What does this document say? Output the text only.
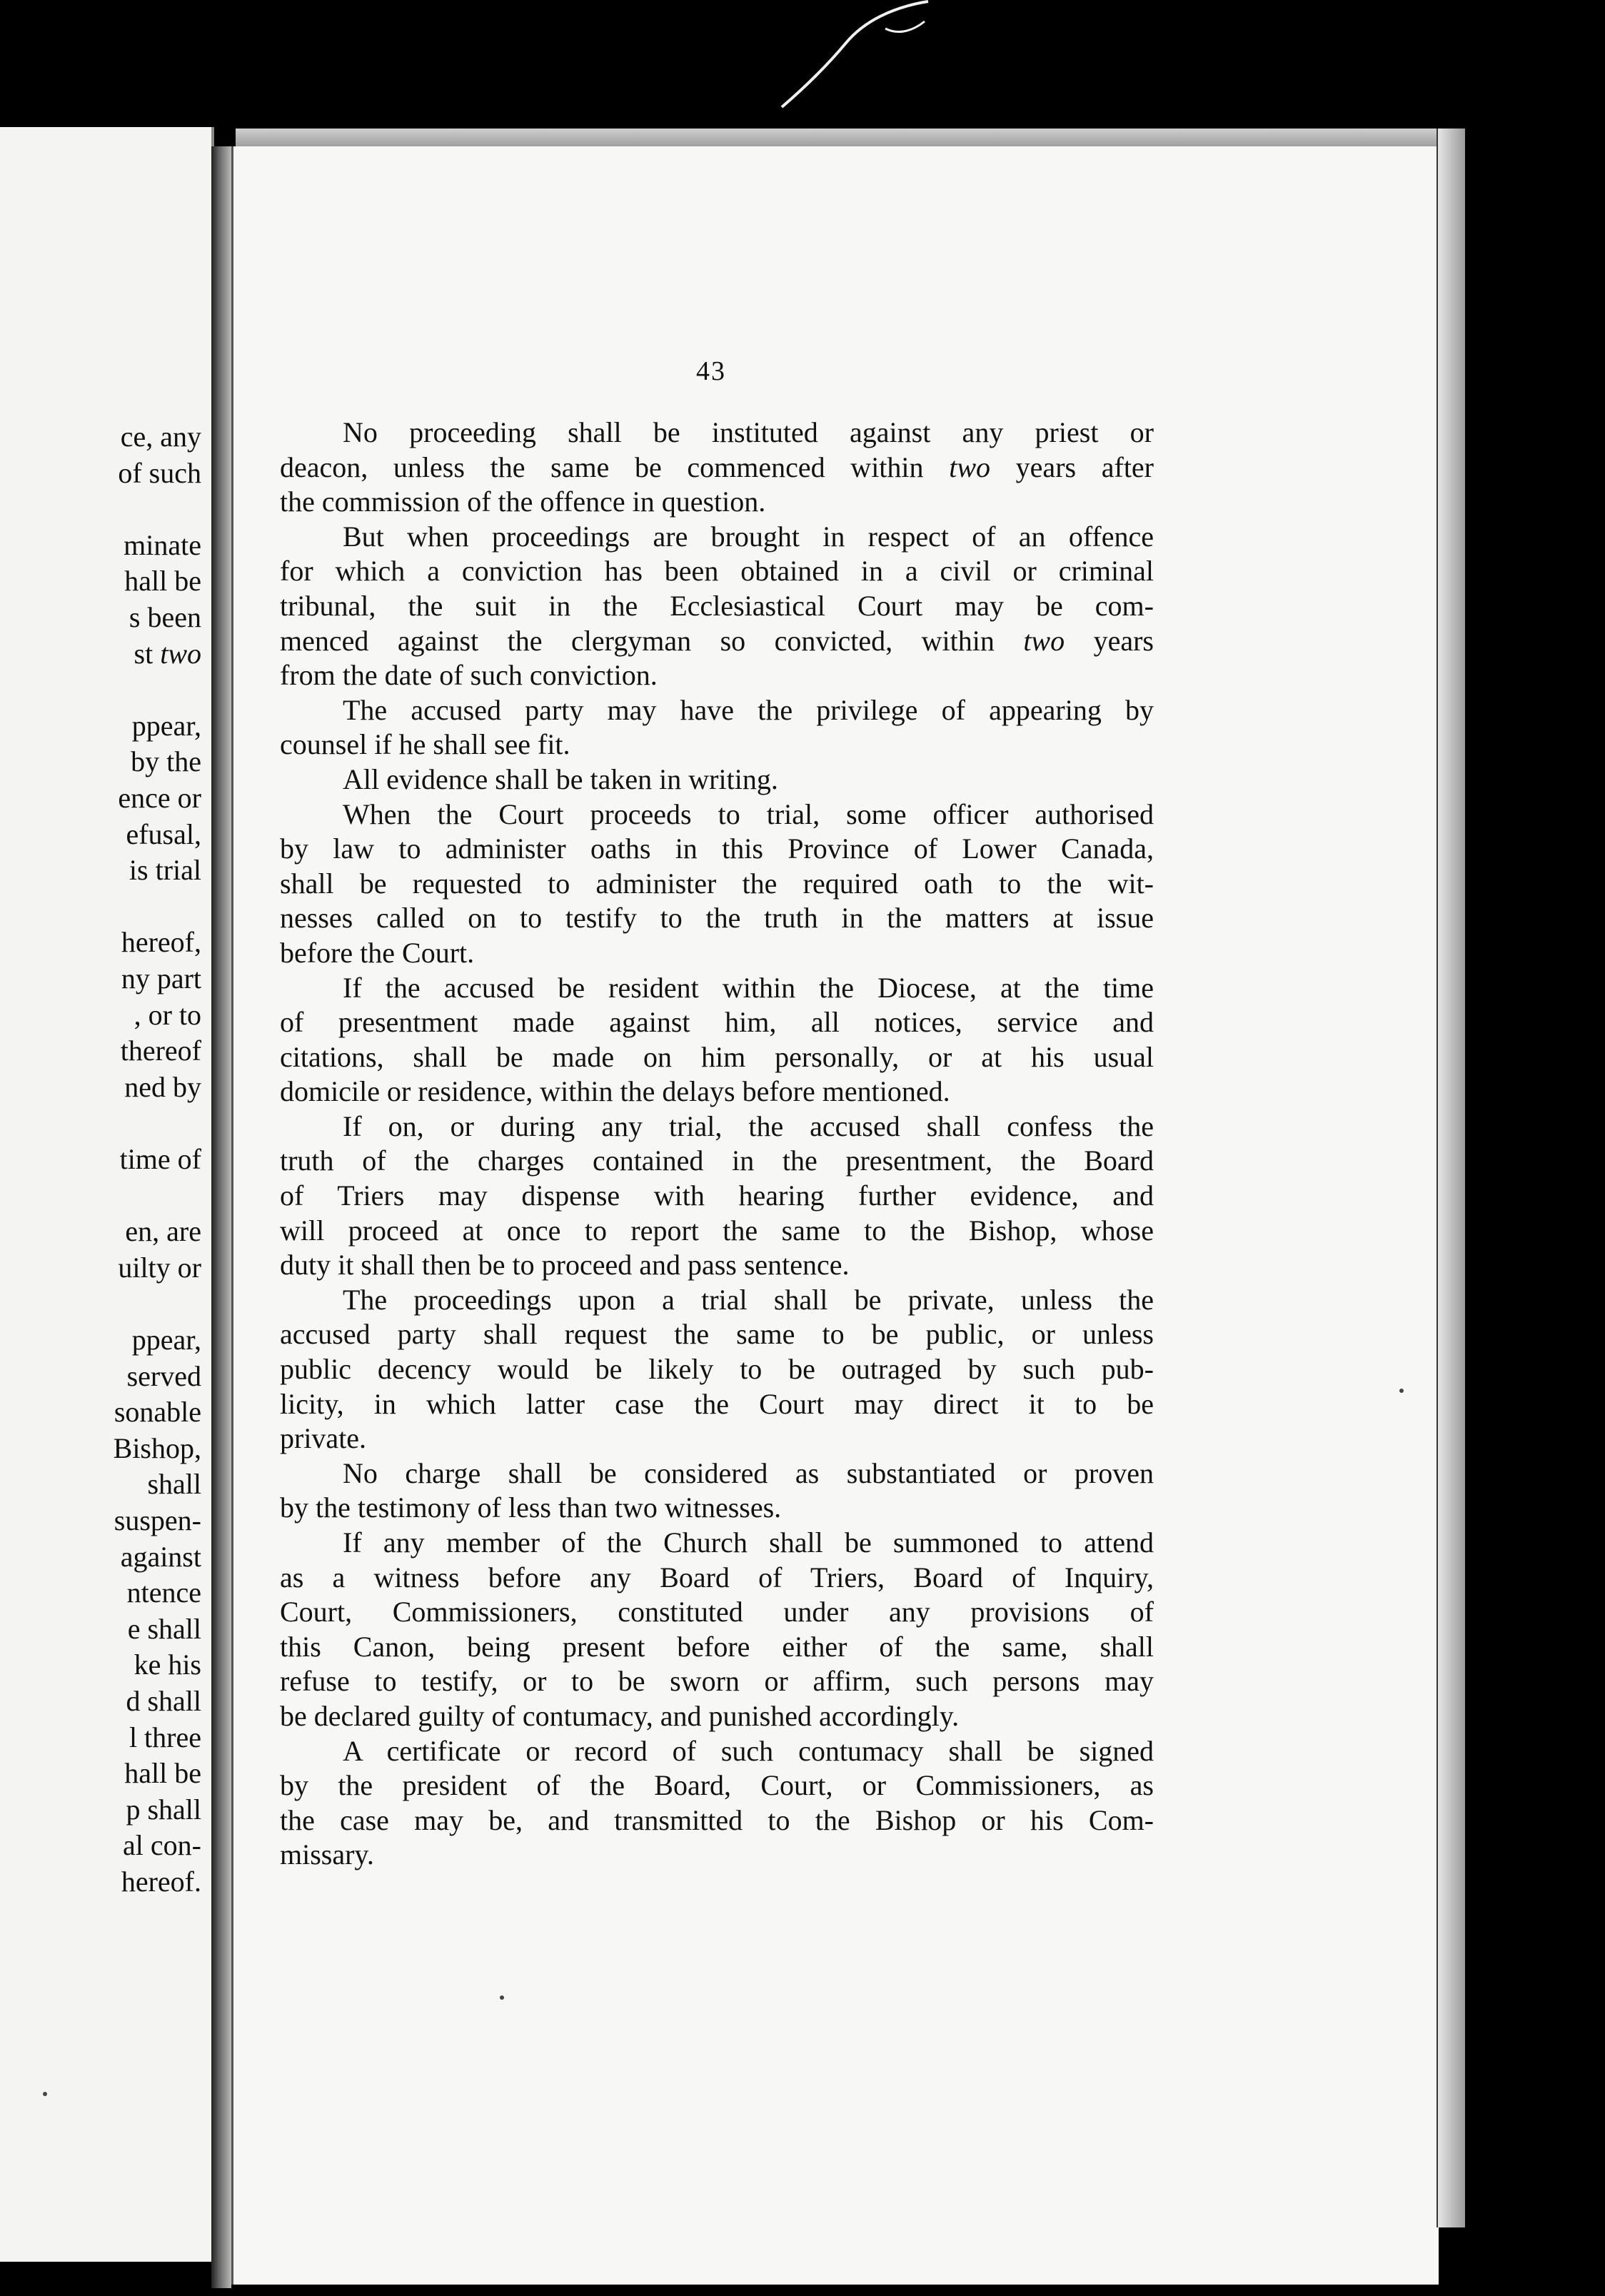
ce, any
of such
minate
hall be
s been
st two
ppear,
by the
ence or
efusal,
is trial
hereof,
ny part
, or to
thereof
ned by
time of
en, are
uilty or
ppear,
served
sonable
Bishop,
shall
suspen-
against
ntence
e shall
ke his
d shall
l three
hall be
p shall
al con-
hereof.
43

No proceeding shall be instituted against any priest or
deacon, unless the same be commenced within two years after
the commission of the offence in question.

But when proceedings are brought in respect of an offence
for which a conviction has been obtained in a civil or criminal
tribunal, the suit in the Ecclesiastical Court may be com-
menced against the clergyman so convicted, within two years
from the date of such conviction.

The accused party may have the privilege of appearing by
counsel if he shall see fit.

All evidence shall be taken in writing.

When the Court proceeds to trial, some officer authorised
by law to administer oaths in this Province of Lower Canada,
shall be requested to administer the required oath to the wit-
nesses called on to testify to the truth in the matters at issue
before the Court.

If the accused be resident within the Diocese, at the time
of presentment made against him, all notices, service and
citations, shall be made on him personally, or at his usual
domicile or residence, within the delays before mentioned.

If on, or during any trial, the accused shall confess the
truth of the charges contained in the presentment, the Board
of Triers may dispense with hearing further evidence, and
will proceed at once to report the same to the Bishop, whose
duty it shall then be to proceed and pass sentence.

The proceedings upon a trial shall be private, unless the
accused party shall request the same to be public, or unless
public decency would be likely to be outraged by such pub-
licity, in which latter case the Court may direct it to be
private.

No charge shall be considered as substantiated or proven
by the testimony of less than two witnesses.

If any member of the Church shall be summoned to attend
as a witness before any Board of Triers, Board of Inquiry,
Court, Commissioners, constituted under any provisions of
this Canon, being present before either of the same, shall
refuse to testify, or to be sworn or affirm, such persons may
be declared guilty of contumacy, and punished accordingly.

A certificate or record of such contumacy shall be signed
by the president of the Board, Court, or Commissioners, as
the case may be, and transmitted to the Bishop or his Com-
missary.
